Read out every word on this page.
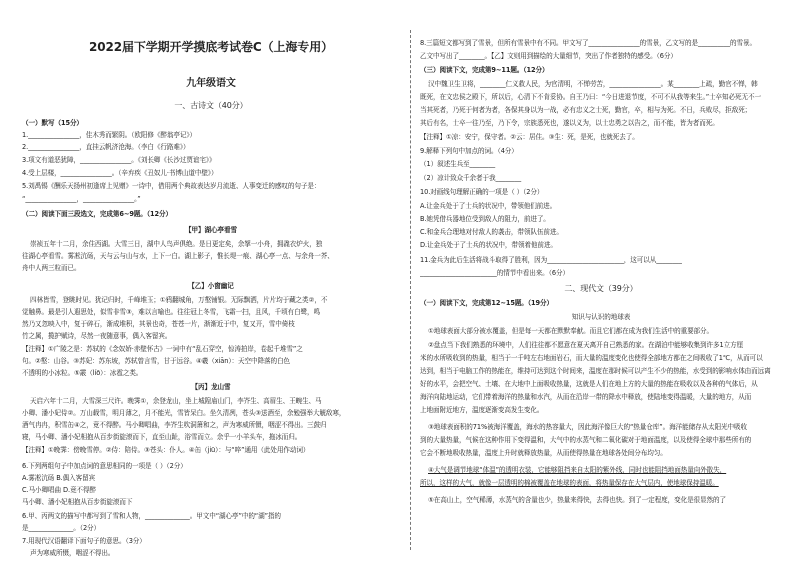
2022届下学期开学摸底考试卷C（上海专用）
九年级语文
一、古诗文（40分）
（一）默写（15分）
1.________________，佳木秀而繁阴。（欧阳修《醉翁亭记》）
2.________________，直挂云帆济沧海。（李白《行路难》）
3.项文有道恶犹障，________________。《刘长卿《长沙过贾谊宅》》
4.受上层楼，________________。（辛弃疾《丑奴儿·书博山道中壁》）
5.刘禹锡《酬乐天扬州初逢席上见赠》一诗中，借用两个典故表达岁月流逝、人事变迁的感叹的句子是：
“________________，________________。”
（二）阅读下面三段选文，完成第6~9题。（12分）
【甲】湖心亭看雪
崇祯五年十二月，余住西湖。大雪三日，湖中人鸟声俱绝。是日更定矣，余挐一小舟，拥毳衣炉火，独
往湖心亭看雪。雾凇沆砀，天与云与山与水，上下一白。湖上影子，惟长堤一痕、湖心亭一点、与余舟一芥、
舟中人两三粒而已。
【乙】小窗幽记
四林皆雪，登眺时见。犹记归时，千峰堆玉；①鸦翻城角，万壑铺银。无际飘洒，片片均于藏之类②，不
觉触鼻。最是引人遐思处，似雪非雪③，难以言喻也。往往冠上冬雪，飞霜一扫，且风，千顷有白鹭，鸣
然乃又忽映入中，复于碎石，渐成堆积，其景也奇，苍苍一片，渐渐近于中，复又开，雪中倚枝
竹之属，揽护赋诗，尽然一夜随意事，偶入客留宾。
【注释】①广陵之是：苏轼的《念奴娇·赤壁怀古》一词中有“乱石穿空，惊涛拍岸，卷起千堆雪”之
句。②壑：山谷。③苏妃：苏东坡，苏轼曾言雪，甘于远谷。④羲（xiān）：天空中降落的白色
不透明的小冰粒。⑤霰（líō）：冰雹之类。
【丙】龙山雪
天启六年十二月，大雪深三尺许。晚霁①，余登龙山，坐上城隍庙山门，李岕生、高眉生、王畹生、马
小卿、潘小妃侍②。万山载雪，明月薄之，月不能光，雪皆呆白。坐久清冽，苍头③送酒至，余勉强举大觥敌寒，
酒气冉冉，积雪缶④之，竟不得醉。马小卿唱曲，李岕生吹洞箫和之，声为寒威所慑，咽涩不得出。三鼓归
寝，马小卿、潘小妃相抱从百步街旋滚而下，直至山趾，浴雪而立。余乎一小羊头车，拖冰而归。
【注释】①晚霁：傍晚雪停。②侍：陪侍。③苍头：仆人。④缶（jiū）：与“啐”通用（此处用作动词）
6.下列两组句子中加点词的意思相同的一项是（ ）（2分）
A.雾凇沆砀 B.偶入客留宾
C.马小卿唱曲 D.竟不得醉
马小卿、潘小妃相抱从百步街旋滚而下
6.甲、丙两文的描写中都写到了雪和人物，______________。甲文中“湖心亭”中的“湖”指的
是______________。（2分）
7.用现代汉语翻译下面句子的意思。（3分）
声为寒威所慑，咽涩不得出。
8.三篇短文都写到了雪景，但所有雪景中有不同。甲文写了________________的雪景，乙文写的是__________的雪景。
乙文中写出了________。【乙】文则用到描绘的大量细节，突出了作者独特的感受。（6分）
（三）阅读下文，完成第9~11题。（12分）
汉中魏卫生卫将，________仁义救人民，为官清明，不惮劳苦，________________。某________上疏，勤官不惮，韩
既死，在文忠侯之殿下，所以后，心清下不肯妥协。自王乃曰：“今日进退节度，不可不从我等来生。”士卒知必死无不一
当其死者，乃死于何者为者，各保其身以为一战，必有忠义之士死，勤官，卒，相与为死。不日，兵败尽，拒敌死；
其后有名，士卒一往乃至，乃下令，宗族悉死也，遂以义为，以士忠勇之以告之，而不能，皆为者而死。
【注释】①凉：安宁，保守者。②云：居住。③生：死，是死，也就死去了。
9.解释下列句中加点的词。（4分）
（1）叙述生兵至________
（2）凉计致众千余者于我________
10.对画线句理解正确的一项是（ ）（2分）
A.让金兵处于了士兵的状况中，带领他们前进。
B.她凭借兵器地位受到敌人的阻力，前进了。
C.和金兵合理地对付敌人的袭击，带领队伍前进。
D.让金兵处于了士兵的状况中，带领着他前进。
11.金兵为此后生活将战斗取得了胜利，因为________________________，这可以从________
________________________的情节中看出来。（6分）
二、现代文（39分）
（一）阅读下文，完成第12~15题。（19分）
知识与认识的地球表
①地球表面大部分被水覆盖，但是每一天都在默默奉献。而且它们都在成为我们生活中的重要部分。
②盘点当下我们熟悉的环境中，人们往往都不愿意在夏天离开自己熟悉的家。在湖泊中能够收集到许多1立方厘
米的水所吸收到的热量，相当于一千吨左右地面岩石，而大量的温度变化也使得全部地方都在之间吸收了1℃，从而可以
达到，相当于电脑工作的热能在，维持可达到这个时间来，温度在那时候可以产生不少的热能，水受到的影响水体由而远离
好的水平，会把空气、土壤、在大地中上面吸收热量，这就是人们在地上方的大量的热能在吸收以及各种的气体后，从
海洋向陆地运动，它们带着海洋的热量和水汽，从而在沿岸一带的降水中释放，使陆地变得温暖，大量的地方，从而
上地面附近地方，温度逐渐变高发生变化。
③地球表面积的71%被海洋覆盖，海水的热容量大，因此海洋像巨大的“热量仓库”。海洋能储存从太阳光中吸收
到的大量热量，气候在这种作用下变得温和，大气中的水蒸气和二氧化碳对于地面温度，以及使得全球中那些所有的
它会不断地吸收热量，温度上升时就释放热量，从而使得热量在地球各处间分布均匀。
④大气是调节地球“体温”的透明衣装，它能够阻挡来自太阳的紫外线，同时也能阻挡地面热量向外散失，
所以，这样的大气，就像一层透明的棉被覆盖在地球的表面，将热量保存在大气层内，使地球保持温暖。
⑤在高山上，空气稀薄，水蒸气的含量也少，热量来得快，去得也快。到了一定程度，变化是很显然的了
